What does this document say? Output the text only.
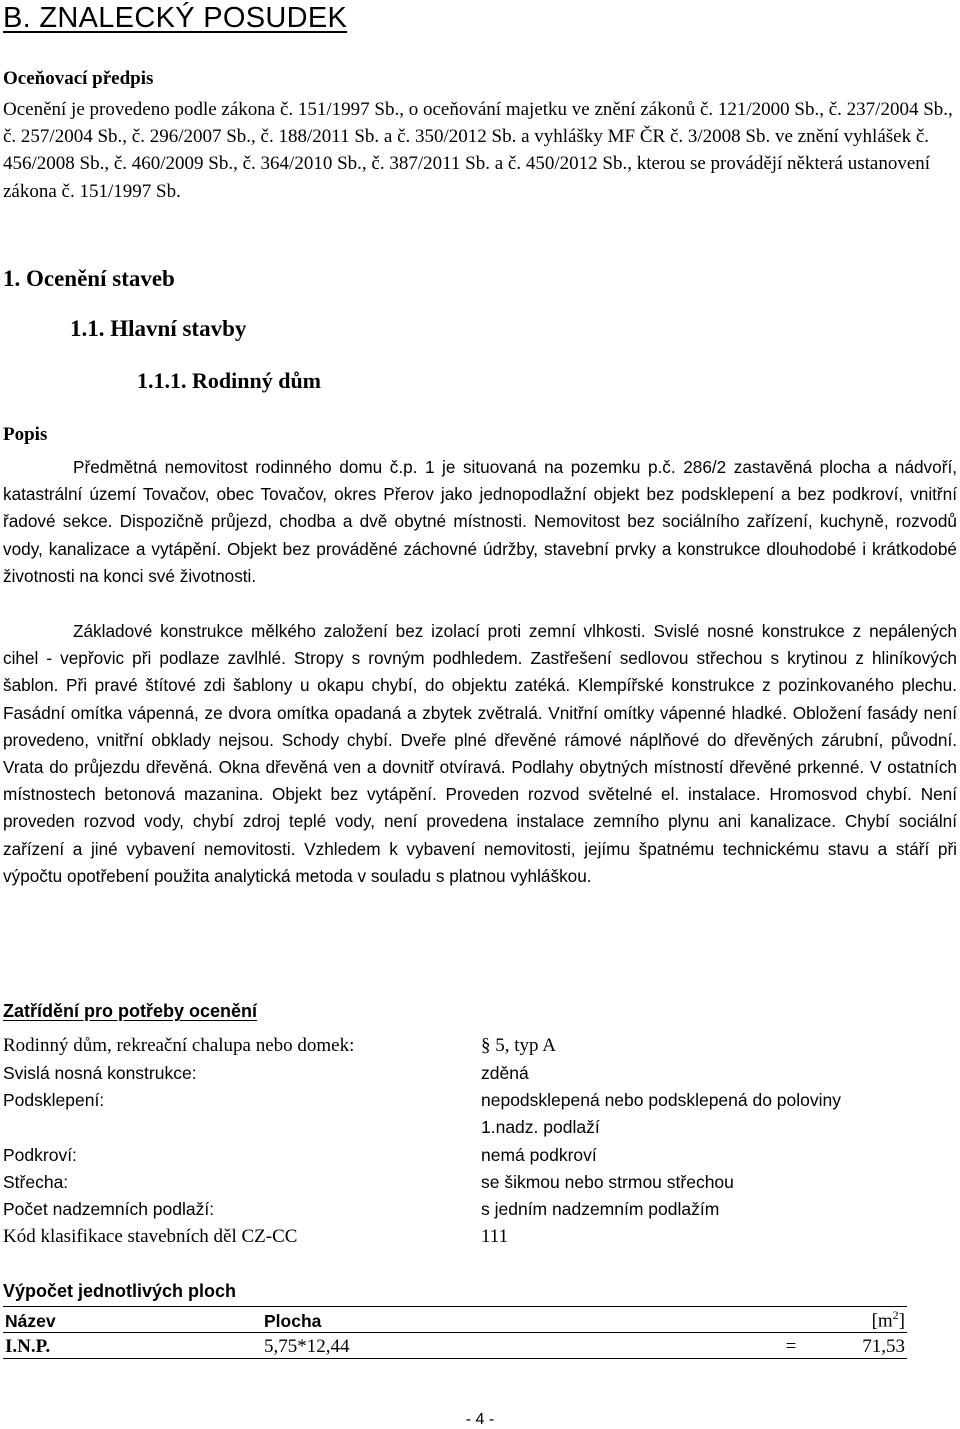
B. ZNALECKÝ POSUDEK
Oceňovací předpis

Ocenění je provedeno podle zákona č. 151/1997 Sb., o oceňování majetku ve znění zákonů č. 121/2000 Sb., č. 237/2004 Sb., č. 257/2004 Sb., č. 296/2007 Sb., č. 188/2011 Sb. a č. 350/2012 Sb. a vyhlášky MF ČR č. 3/2008 Sb. ve znění vyhlášek č. 456/2008 Sb., č. 460/2009 Sb., č. 364/2010 Sb., č. 387/2011 Sb. a č. 450/2012 Sb., kterou se provádějí některá ustanovení zákona č. 151/1997 Sb.

1. Ocenění staveb
1.1. Hlavní stavby
1.1.1. Rodinný dům
Popis

Předmětná nemovitost rodinného domu č.p. 1 je situovaná na pozemku p.č. 286/2 zastavěná plocha a nádvoří, katastrální území Tovačov, obec Tovačov, okres Přerov jako jednopodlažní objekt bez podsklepení a bez podkroví, vnitřní řadové sekce. Dispozičně průjezd, chodba a dvě obytné místnosti. Nemovitost bez sociálního zařízení, kuchyně, rozvodů vody, kanalizace a vytápění. Objekt bez prováděné záchovné údržby, stavební prvky a konstrukce dlouhodobé i krátkodobé životnosti na konci své životnosti.

Základové konstrukce mělkého založení bez izolací proti zemní vlhkosti. Svislé nosné konstrukce z nepálených cihel - vepřovic při podlaze zavlhlé. Stropy s rovným podhledem. Zastřešení sedlovou střechou s krytinou z hliníkových šablon. Při pravé štítové zdi šablony u okapu chybí, do objektu zatéká. Klempířské konstrukce z pozinkovaného plechu. Fasádní omítka vápenná, ze dvora omítka opadaná a zbytek zvětralá. Vnitřní omítky vápenné hladké. Obložení fasády není provedeno, vnitřní obklady nejsou. Schody chybí. Dveře plné dřevěné rámové náplňové do dřevěných zárubní, původní. Vrata do průjezdu dřevěná. Okna dřevěná ven a dovnitř otvíravá. Podlahy obytných místností dřevěné prkenné. V ostatních místnostech betonová mazanina. Objekt bez vytápění. Proveden rozvod světelné el. instalace. Hromosvod chybí. Není proveden rozvod vody, chybí zdroj teplé vody, není provedena instalace zemního plynu ani kanalizace. Chybí sociální zařízení a jiné vybavení nemovitosti. Vzhledem k vybavení nemovitosti, jejímu špatnému technickému stavu a stáří při výpočtu opotřebení použita analytická metoda v souladu s platnou vyhláškou.

Zatřídění pro potřeby ocenění
Rodinný dům, rekreační chalupa nebo domek:	§ 5, typ A
Svislá nosná konstrukce:	zděná
Podsklepení:	nepodsklepená nebo podsklepená do poloviny
1.nadz. podlaží
Podkroví:	nemá podkroví
Střecha:	se šikmou nebo strmou střechou
Počet nadzemních podlaží:	s jedním nadzemním podlažím
Kód klasifikace stavebních děl CZ-CC	111
Výpočet jednotlivých ploch
Název	Plocha		$[m^2]$
I.N.P.	5,75*12,44	=	71,53
- 4 -
